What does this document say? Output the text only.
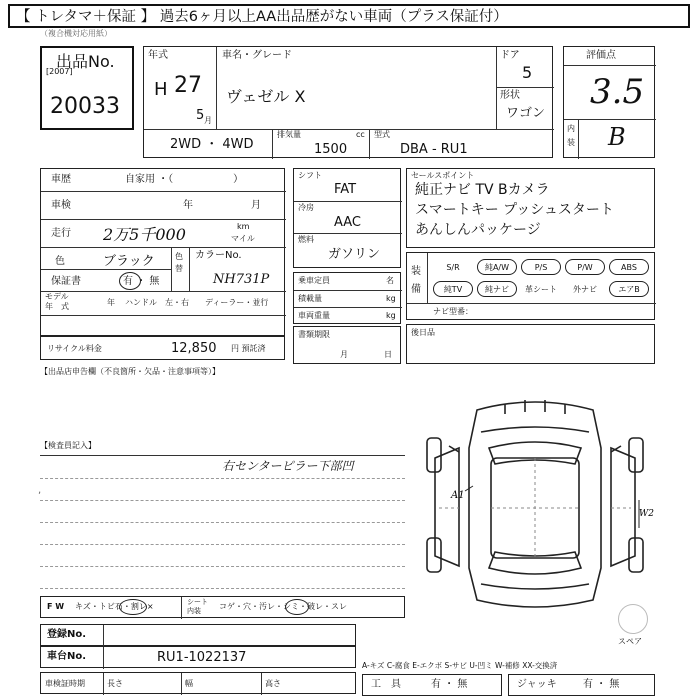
【 トレタマ＋保証 】 過去6ヶ月以上AA出品歴がない車両（プラス保証付）
（複合機対応用紙）
出品No.
[2007]
20033
年式
H 27
5 月
車名・グレード
ヴェゼル X
ドア
5
形状
ワゴン
2WD ・ 4WD
排気量	cc
1500
型式
DBA - RU1
評価点
3.5
内
装 B
車歴	自家用 ・（　　　　　　）
車検	年	月
走行 2万5千000	km
マイル
色	ブラック	色
替
カラーNo.
NH731P
保証書	有 ・ 無
モデル
年　式	年 ハンドル　左・右 ディーラー・並行
リサイクル料金	12,850 円 預託済
シフト
FAT
冷房
AAC
燃料
ガソリン
乗車定員	名
積載量	kg
車両重量	kg
書類期限
月	日
セールスポイント
純正ナビ TV Bカメラ
スマートキー プッシュスタート
あんしんパッケージ
装
備
S/R	純A/W	P/S	P/W	ABS
純TV	純ナビ	革シート	外ナビ	エアB
ナビ型番：
後日品
【出品店申告欄（不良箇所・欠品・注意事項等）】
【検査員記入】
右センターピラー下部凹
,	A1
W2
スペア
F W キズ・トビ石・割レ×	シート
内装 コゲ・穴・汚レ・シミ・破レ・スレ
登録No.
車台No.	RU1-1022137
車検証時期	長さ	幅	高さ
A-キズ C-腐食 E-エクボ S-サビ U-凹ミ W-補修 XX-交換済
工　具	有 ・ 無	ジャッキ	有 ・ 無
